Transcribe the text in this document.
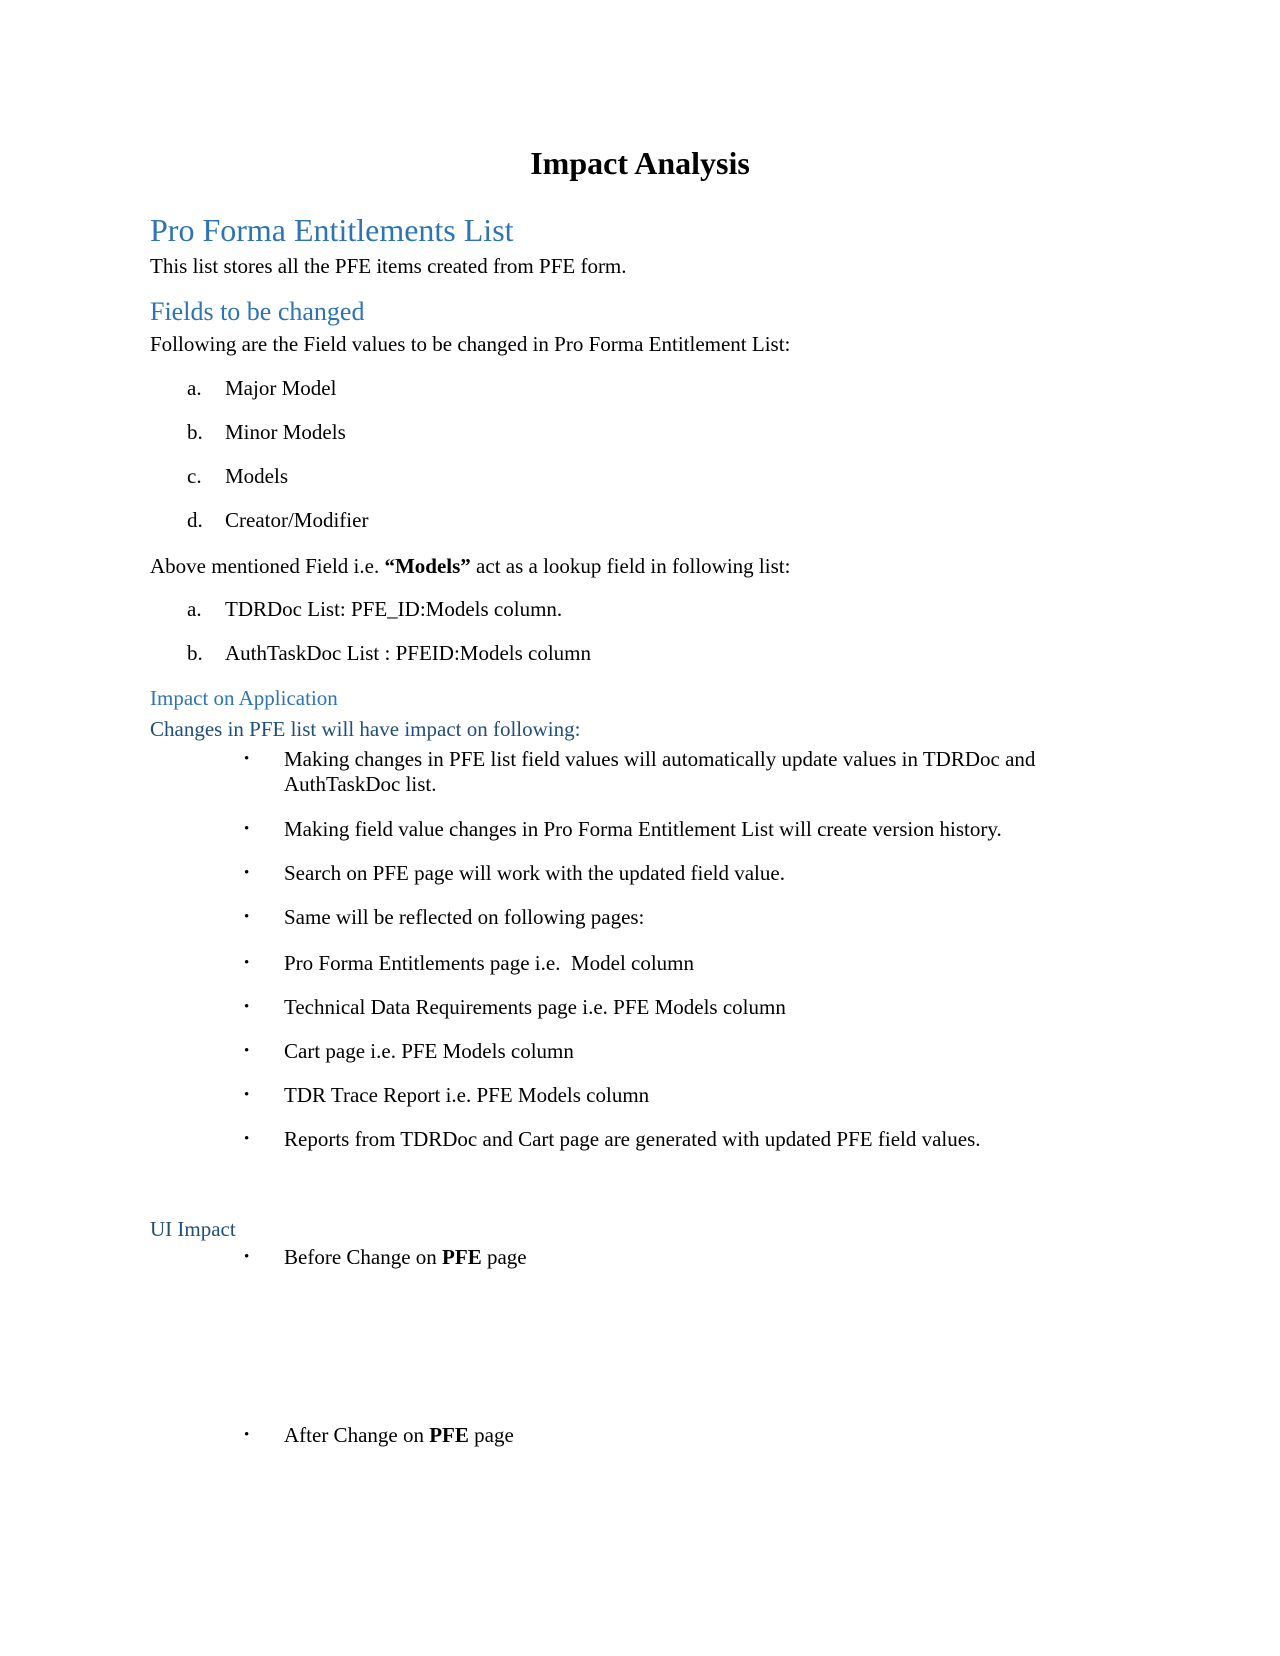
Impact Analysis
Pro Forma Entitlements List
This list stores all the PFE items created from PFE form.
Fields to be changed
Following are the Field values to be changed in Pro Forma Entitlement List:
a. Major Model
b. Minor Models
c. Models
d. Creator/Modifier
Above mentioned Field i.e. “Models” act as a lookup field in following list:
a. TDRDoc List: PFE_ID:Models column.
b. AuthTaskDoc List : PFEID:Models column
Impact on Application
Changes in PFE list will have impact on following:
• Making changes in PFE list field values will automatically update values in TDRDoc and AuthTaskDoc list.
• Making field value changes in Pro Forma Entitlement List will create version history.
• Search on PFE page will work with the updated field value.
• Same will be reflected on following pages:
• Pro Forma Entitlements page i.e.  Model column
• Technical Data Requirements page i.e. PFE Models column
• Cart page i.e. PFE Models column
• TDR Trace Report i.e. PFE Models column
• Reports from TDRDoc and Cart page are generated with updated PFE field values.
UI Impact
• Before Change on PFE page
• After Change on PFE page
